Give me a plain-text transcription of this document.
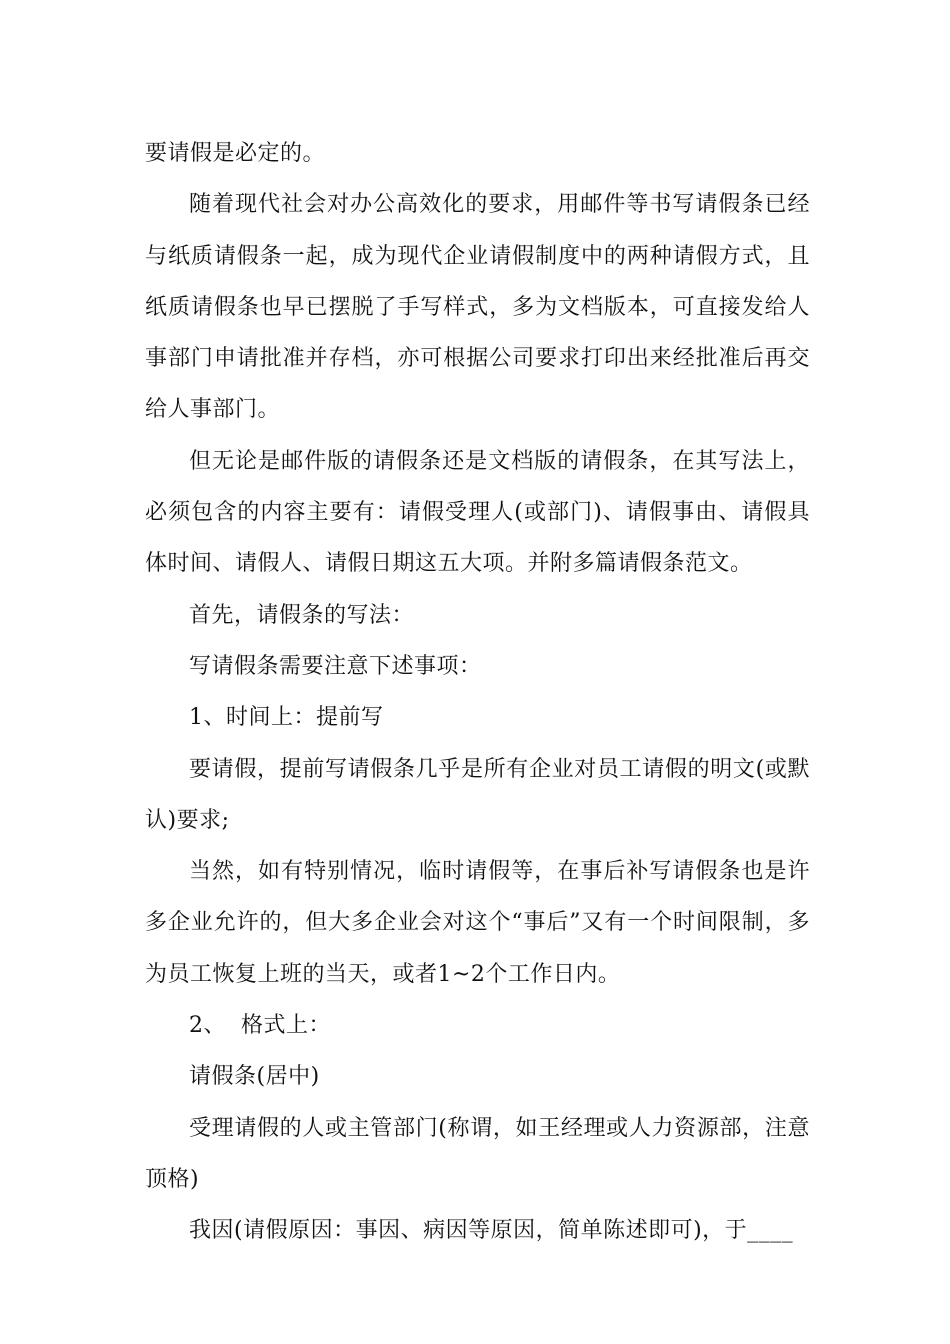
要请假是必定的。

随着现代社会对办公高效化的要求，用邮件等书写请假条已经与纸质请假条一起，成为现代企业请假制度中的两种请假方式，且纸质请假条也早已摆脱了手写样式，多为文档版本，可直接发给人事部门申请批准并存档，亦可根据公司要求打印出来经批准后再交给人事部门。

但无论是邮件版的请假条还是文档版的请假条，在其写法上，必须包含的内容主要有：请假受理人(或部门)、请假事由、请假具体时间、请假人、请假日期这五大项。并附多篇请假条范文。

首先，请假条的写法：

写请假条需要注意下述事项：

1、时间上：提前写

要请假，提前写请假条几乎是所有企业对员工请假的明文(或默认)要求;

当然，如有特别情况，临时请假等，在事后补写请假条也是许多企业允许的，但大多企业会对这个“事后”又有一个时间限制，多为员工恢复上班的当天，或者1~2个工作日内。

2、  格式上：

请假条(居中)

受理请假的人或主管部门(称谓，如王经理或人力资源部，注意顶格)

我因(请假原因：事因、病因等原因，简单陈述即可)，于____
